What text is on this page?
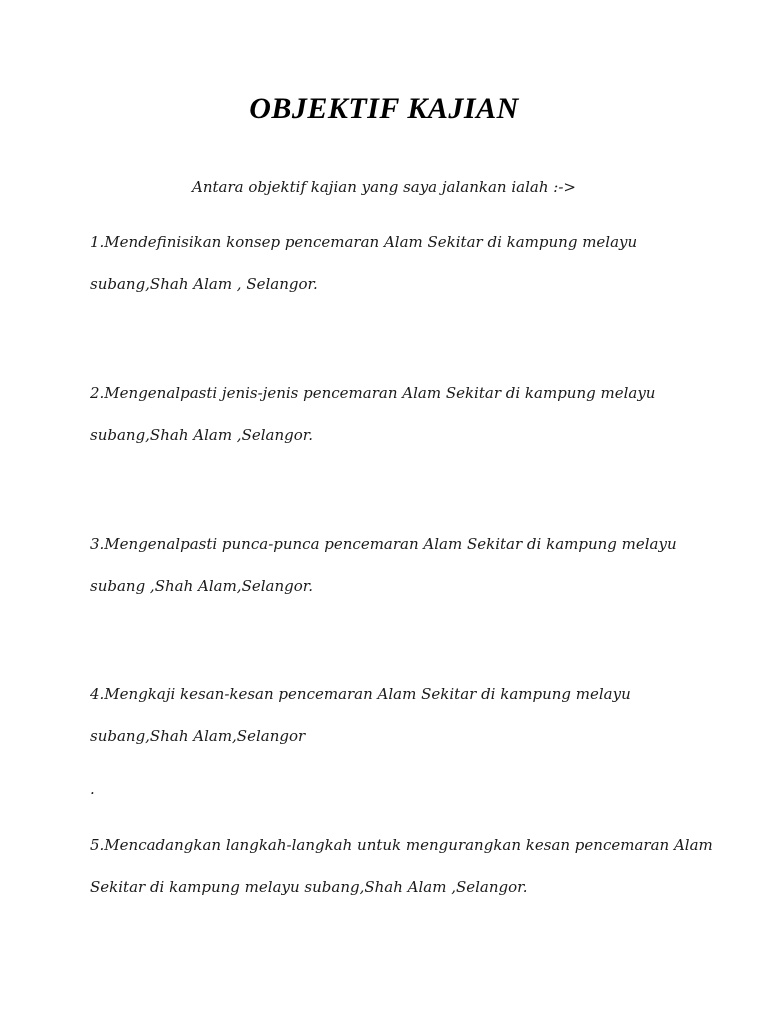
OBJEKTIF KAJIAN
Antara objektif kajian yang saya jalankan ialah :->
1.Mendefinisikan konsep pencemaran Alam Sekitar di kampung melayu
subang,Shah Alam , Selangor.
2.Mengenalpasti jenis-jenis pencemaran Alam Sekitar di kampung melayu
subang,Shah Alam ,Selangor.
3.Mengenalpasti punca-punca pencemaran Alam Sekitar di kampung melayu
subang ,Shah Alam,Selangor.
4.Mengkaji kesan-kesan pencemaran Alam Sekitar di kampung melayu
subang,Shah Alam,Selangor
.
5.Mencadangkan langkah-langkah untuk mengurangkan kesan pencemaran Alam
Sekitar di kampung melayu subang,Shah Alam ,Selangor.
